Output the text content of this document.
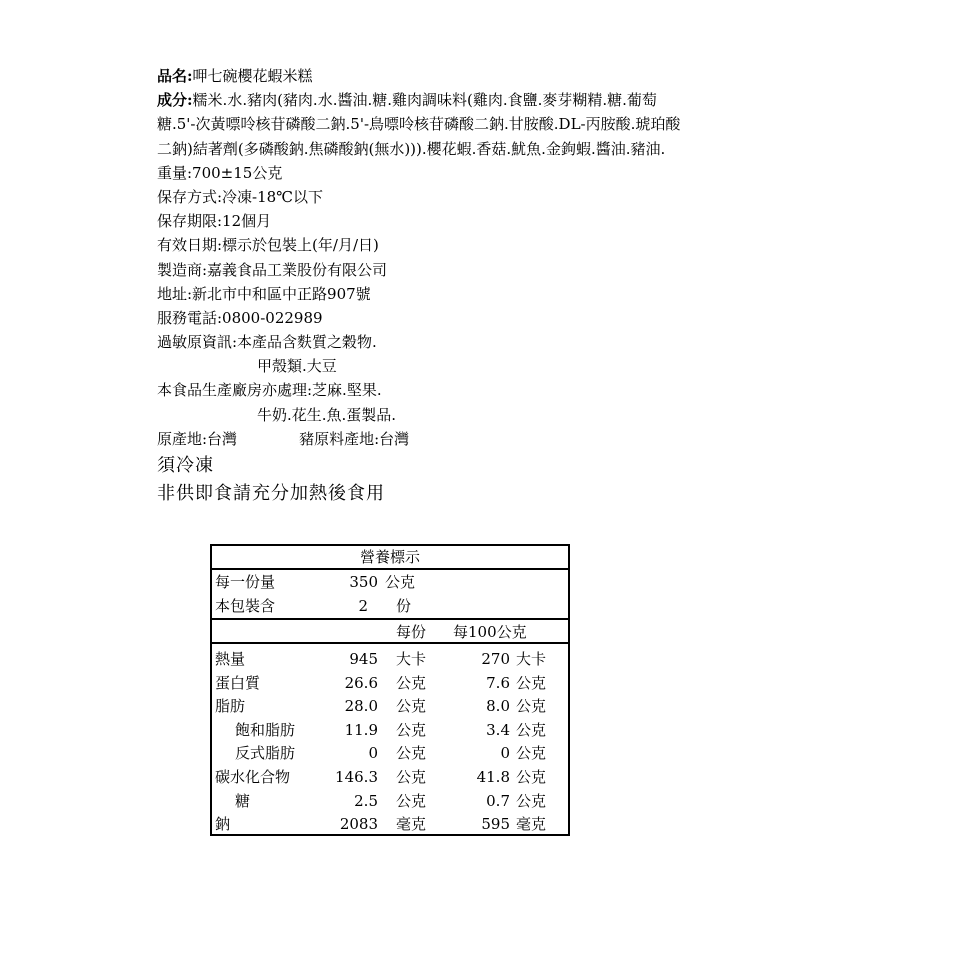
品名:呷七碗櫻花蝦米糕
成分:糯米.水.豬肉(豬肉.水.醬油.糖.雞肉調味料(雞肉.食鹽.麥芽糊精.糖.葡萄
糖.5'-次黃嘌呤核苷磷酸二鈉.5'-鳥嘌呤核苷磷酸二鈉.甘胺酸.DL-丙胺酸.琥珀酸
二鈉)結著劑(多磷酸鈉.焦磷酸鈉(無水))).櫻花蝦.香菇.魷魚.金鉤蝦.醬油.豬油.
重量:700±15公克
保存方式:冷凍-18℃以下
保存期限:12個月
有效日期:標示於包裝上(年/月/日)
製造商:嘉義食品工業股份有限公司
地址:新北市中和區中正路907號
服務電話:0800-022989
過敏原資訊:本產品含麩質之穀物.
甲殼類.大豆
本食品生產廠房亦處理:芝麻.堅果.
牛奶.花生.魚.蛋製品.
原產地:台灣	豬原料產地:台灣
須冷凍
非供即食請充分加熱後食用
營養標示
每一份量	350 公克
本包裝含	2 份
每份 每100公克
熱量	945 大卡	270 大卡
蛋白質	26.6 公克	7.6 公克
脂肪	28.0 公克	8.0 公克
飽和脂肪	11.9 公克	3.4 公克
反式脂肪	0 公克	0 公克
碳水化合物	146.3 公克	41.8 公克
糖	2.5 公克	0.7 公克
鈉	2083 毫克	595 毫克
